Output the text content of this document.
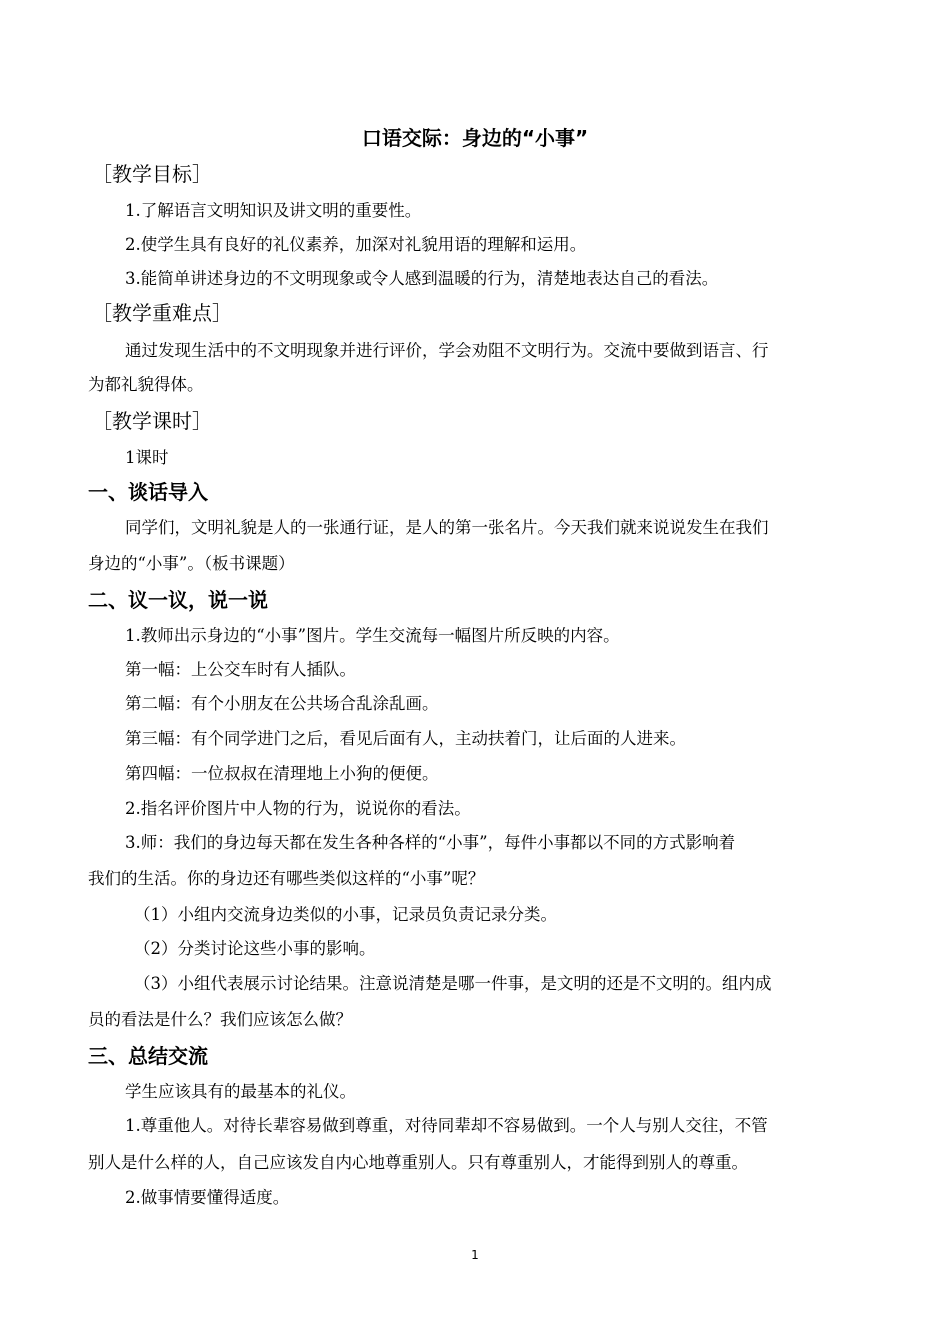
口语交际：身边的“小事”
［教学目标］
1.了解语言文明知识及讲文明的重要性。
2.使学生具有良好的礼仪素养，加深对礼貌用语的理解和运用。
3.能简单讲述身边的不文明现象或令人感到温暖的行为，清楚地表达自己的看法。
［教学重难点］
通过发现生活中的不文明现象并进行评价，学会劝阻不文明行为。交流中要做到语言、行
为都礼貌得体。
［教学课时］
1课时
一、谈话导入
同学们，文明礼貌是人的一张通行证，是人的第一张名片。今天我们就来说说发生在我们
身边的“小事”。（板书课题）
二、议一议，说一说
1.教师出示身边的“小事”图片。学生交流每一幅图片所反映的内容。
第一幅：上公交车时有人插队。
第二幅：有个小朋友在公共场合乱涂乱画。
第三幅：有个同学进门之后，看见后面有人，主动扶着门，让后面的人进来。
第四幅：一位叔叔在清理地上小狗的便便。
2.指名评价图片中人物的行为，说说你的看法。
3.师：我们的身边每天都在发生各种各样的“小事”，每件小事都以不同的方式影响着
我们的生活。你的身边还有哪些类似这样的“小事”呢？
（1）小组内交流身边类似的小事，记录员负责记录分类。
（2）分类讨论这些小事的影响。
（3）小组代表展示讨论结果。注意说清楚是哪一件事，是文明的还是不文明的。组内成
员的看法是什么？我们应该怎么做？
三、总结交流
学生应该具有的最基本的礼仪。
1.尊重他人。对待长辈容易做到尊重，对待同辈却不容易做到。一个人与别人交往，不管
别人是什么样的人，自己应该发自内心地尊重别人。只有尊重别人，才能得到别人的尊重。
2.做事情要懂得适度。
1
